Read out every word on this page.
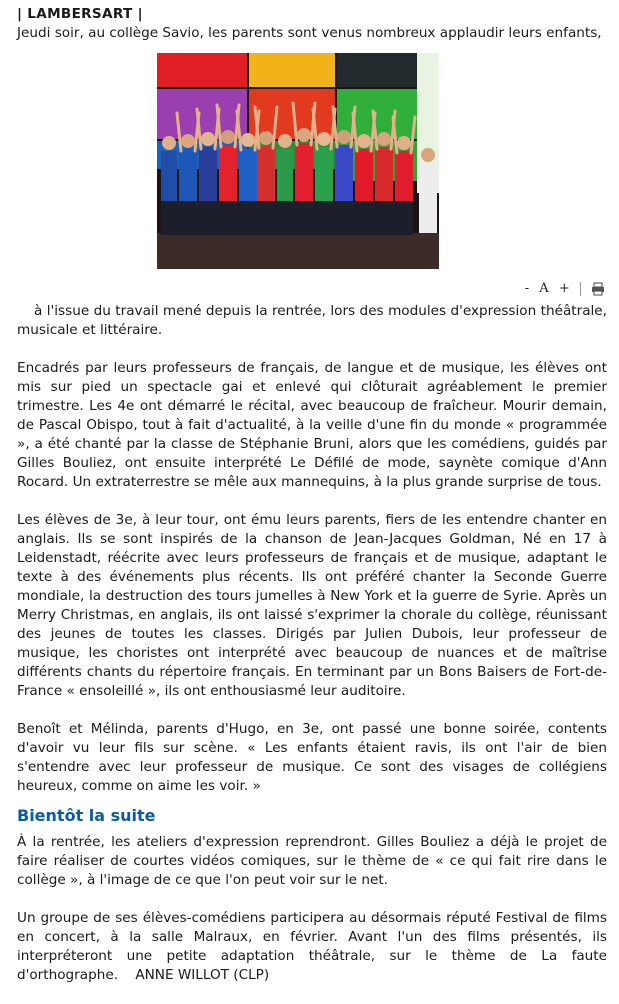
| LAMBERSART |

Jeudi soir, au collège Savio, les parents sont venus nombreux applaudir leurs enfants,

- A +

à l'issue du travail mené depuis la rentrée, lors des modules d'expression théâtrale, musicale et littéraire.

Encadrés par leurs professeurs de français, de langue et de musique, les élèves ont mis sur pied un spectacle gai et enlevé qui clôturait agréablement le premier trimestre. Les 4e ont démarré le récital, avec beaucoup de fraîcheur. Mourir demain, de Pascal Obispo, tout à fait d'actualité, à la veille d'une fin du monde « programmée », a été chanté par la classe de Stéphanie Bruni, alors que les comédiens, guidés par Gilles Bouliez, ont ensuite interprété Le Défilé de mode, saynète comique d'Ann Rocard. Un extraterrestre se mêle aux mannequins, à la plus grande surprise de tous.

Les élèves de 3e, à leur tour, ont ému leurs parents, fiers de les entendre chanter en anglais. Ils se sont inspirés de la chanson de Jean-Jacques Goldman, Né en 17 à Leidenstadt, réécrite avec leurs professeurs de français et de musique, adaptant le texte à des événements plus récents. Ils ont préféré chanter la Seconde Guerre mondiale, la destruction des tours jumelles à New York et la guerre de Syrie. Après un Merry Christmas, en anglais, ils ont laissé s'exprimer la chorale du collège, réunissant des jeunes de toutes les classes. Dirigés par Julien Dubois, leur professeur de musique, les choristes ont interprété avec beaucoup de nuances et de maîtrise différents chants du répertoire français. En terminant par un Bons Baisers de Fort-de-France « ensoleillé », ils ont enthousiasmé leur auditoire.

Benoît et Mélinda, parents d'Hugo, en 3e, ont passé une bonne soirée, contents d'avoir vu leur fils sur scène. « Les enfants étaient ravis, ils ont l'air de bien s'entendre avec leur professeur de musique. Ce sont des visages de collégiens heureux, comme on aime les voir. »

Bientôt la suite

À la rentrée, les ateliers d'expression reprendront. Gilles Bouliez a déjà le projet de faire réaliser de courtes vidéos comiques, sur le thème de « ce qui fait rire dans le collège », à l'image de ce que l'on peut voir sur le net.

Un groupe de ses élèves-comédiens participera au désormais réputé Festival de films en concert, à la salle Malraux, en février. Avant l'un des films présentés, ils interpréteront une petite adaptation théâtrale, sur le thème de La faute d'orthographe. ANNE WILLOT (CLP)
